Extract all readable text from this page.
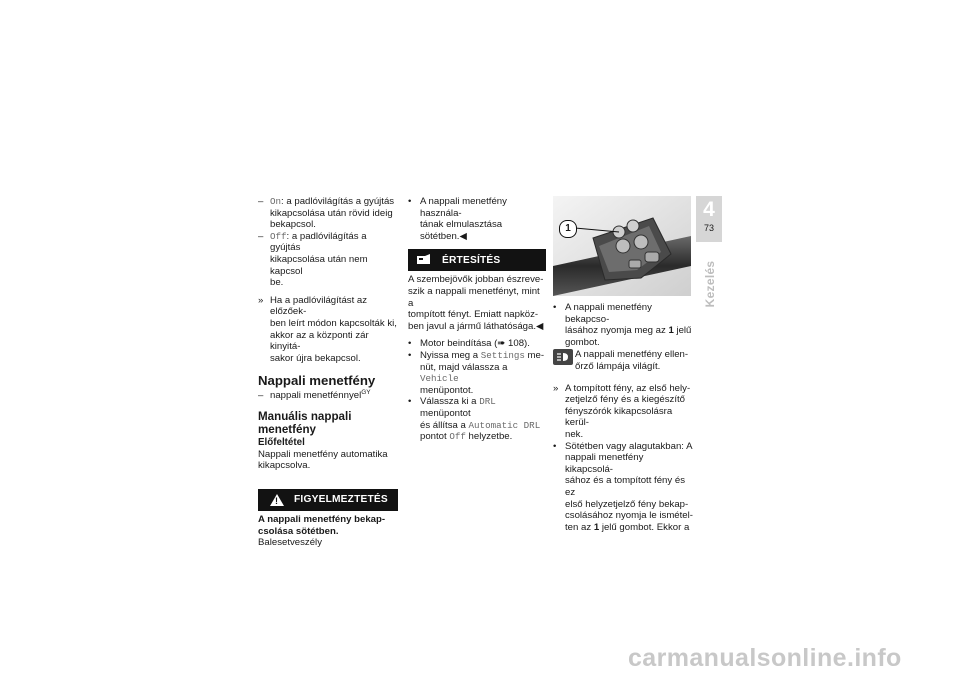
– On: a padlóvilágítás a gyújtás
kikapcsolása után rövid ideig
bekapcsol.
– Off: a padlóvilágítás a gyújtás
kikapcsolása után nem kapcsol
be.
» Ha a padlóvilágítást az előzőek-
ben leírt módon kapcsolták ki,
akkor az a központi zár kinyitá-
sakor újra bekapcsol.
Nappali menetfény
– nappali menetfénnyel$^{GY}$
Manuális nappali
menetfény
Előfeltétel
Nappali menetfény automatika
kikapcsolva.
! FIGYELMEZTETÉS
A nappali menetfény bekap-
csolása sötétben.
Balesetveszély
• A nappali menetfény használa-
tának elmulasztása sötétben.◀
ÉRTESÍTÉS
A szembejövők jobban észreve-
szik a nappali menetfényt, mint a
tompított fényt. Emiatt napköz-
ben javul a jármű láthatósága.◀
• Motor beindítása (➠ 108).
• Nyissa meg a Settings me-
nüt, majd válassza a Vehicle
menüpontot.
• Válassza ki a DRL menüpontot
és állítsa a Automatic DRL
pontot Off helyzetbe.
1
• A nappali menetfény bekapcso-
lásához nyomja meg az 1 jelű
gombot.
A nappali menetfény ellen-
őrző lámpája világít.
» A tompított fény, az első hely-
zetjelző fény és a kiegészítő
fényszórók kikapcsolásra kerül-
nek.
• Sötétben vagy alagutakban: A
nappali menetfény kikapcsolá-
sához és a tompított fény és ez
első helyzetjelző fény bekap-
csolásához nyomja le ismétel-
ten az 1 jelű gombot. Ekkor a
4
73
Kezelés
carmanualsonline.info
